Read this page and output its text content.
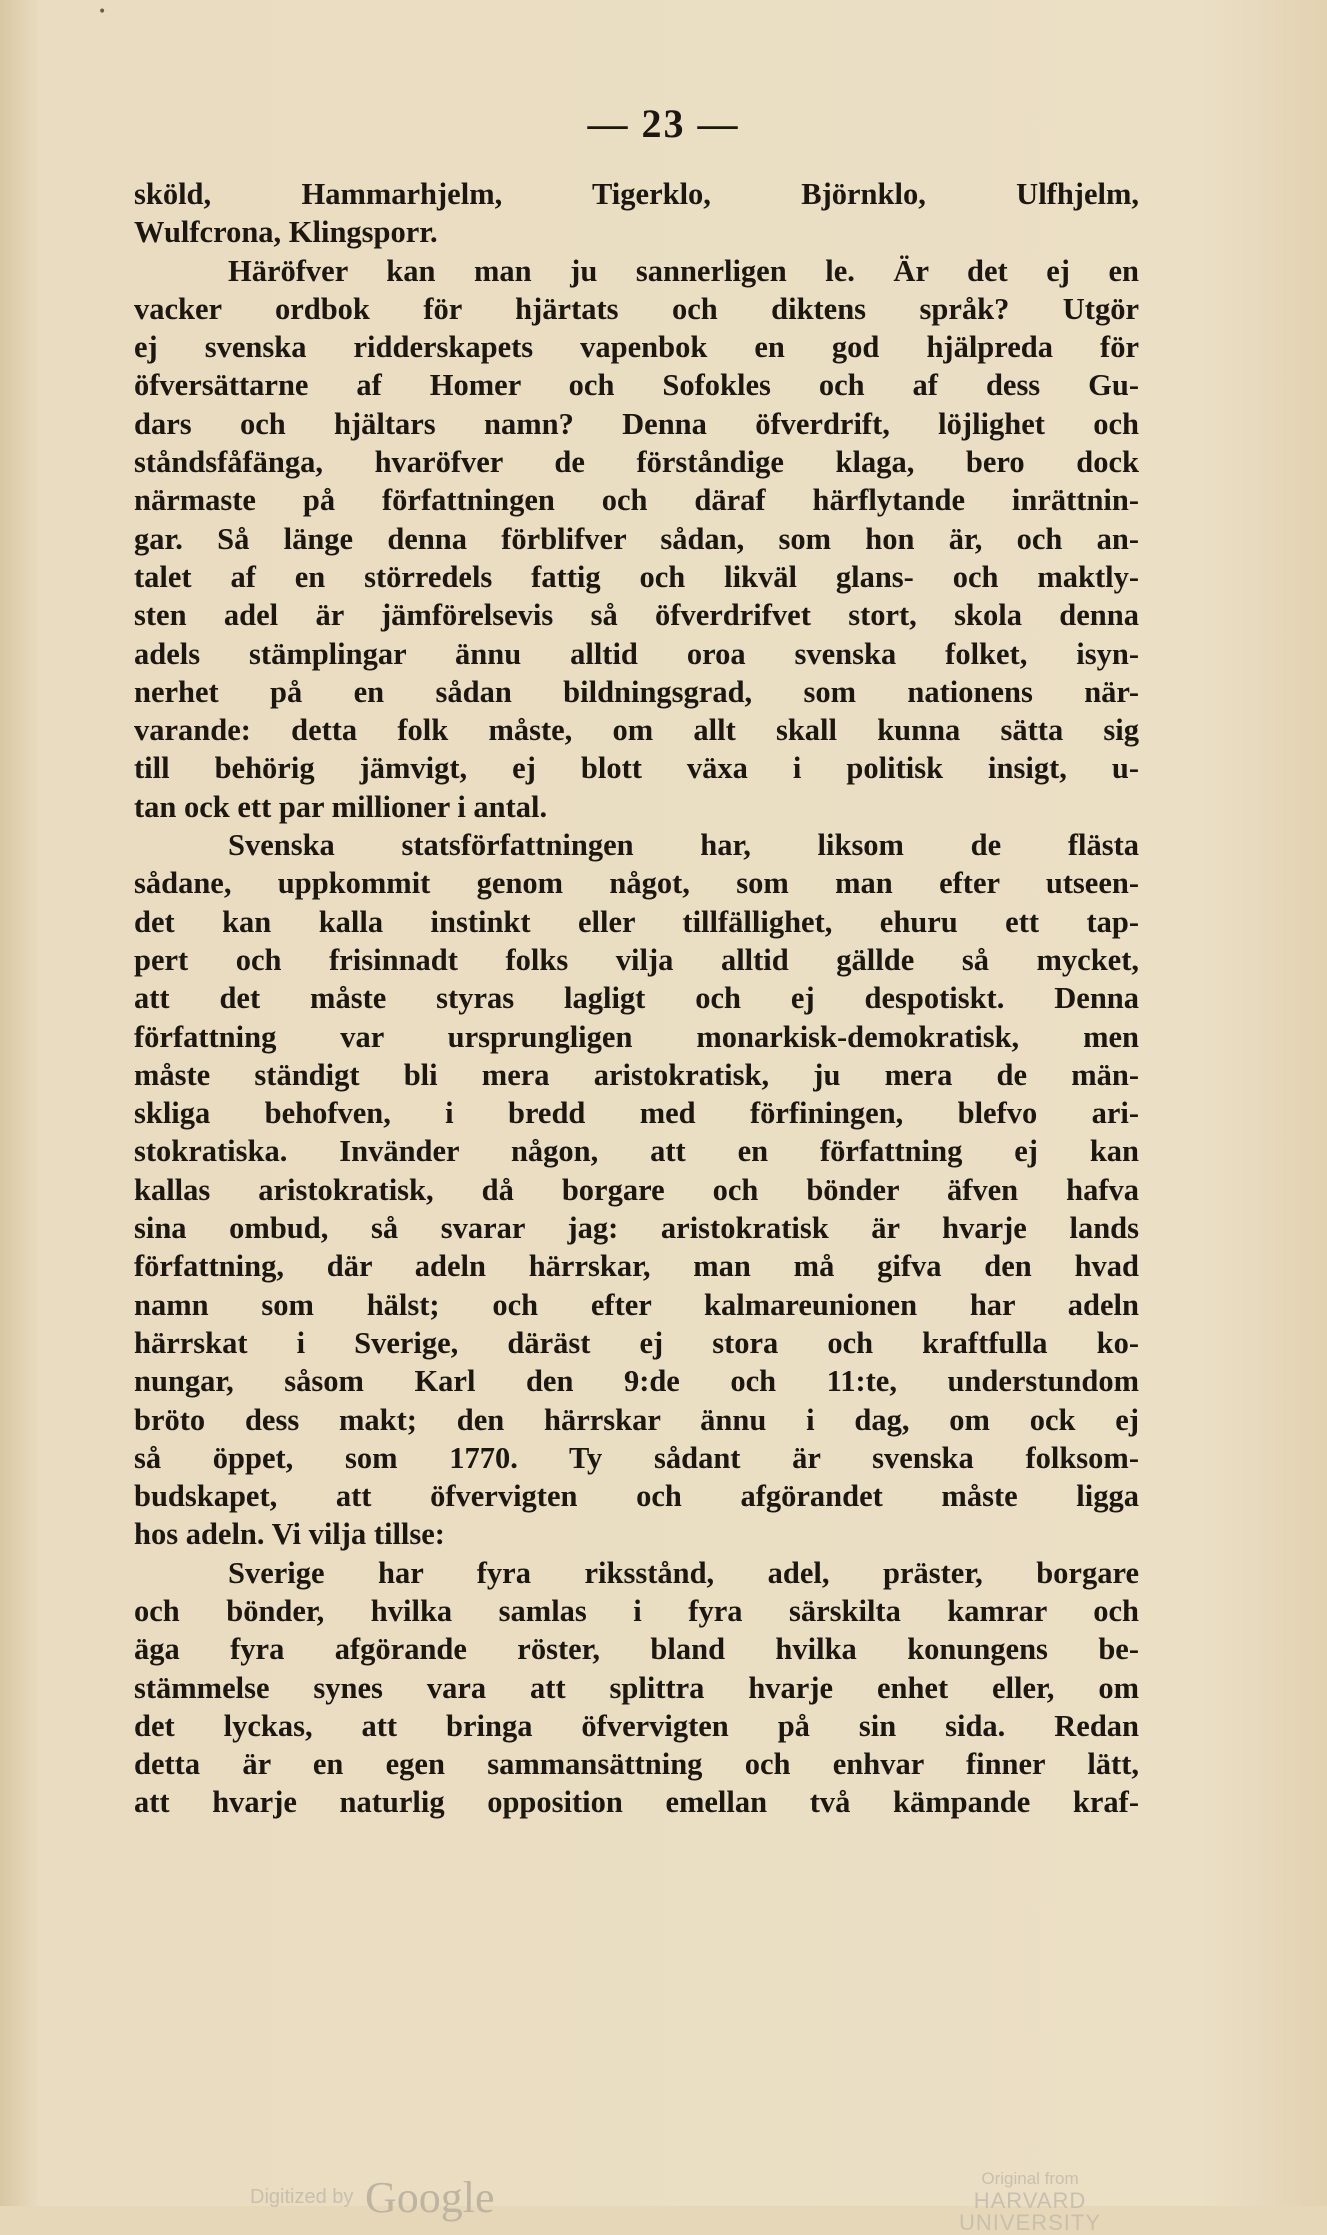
•
— 23 —
sköld, Hammarhjelm, Tigerklo, Björnklo, Ulfhjelm,
Wulfcrona, Klingsporr.
Häröfver kan man ju sannerligen le. Är det ej en
vacker ordbok för hjärtats och diktens språk? Utgör
ej svenska ridderskapets vapenbok en god hjälpreda för
öfversättarne af Homer och Sofokles och af dess Gu-
dars och hjältars namn? Denna öfverdrift, löjlighet och
ståndsfåfänga, hvaröfver de förståndige klaga, bero dock
närmaste på författningen och däraf härflytande inrättnin-
gar. Så länge denna förblifver sådan, som hon är, och an-
talet af en störredels fattig och likväl glans- och maktly-
sten adel är jämförelsevis så öfverdrifvet stort, skola denna
adels stämplingar ännu alltid oroa svenska folket, isyn-
nerhet på en sådan bildningsgrad, som nationens när-
varande: detta folk måste, om allt skall kunna sätta sig
till behörig jämvigt, ej blott växa i politisk insigt, u-
tan ock ett par millioner i antal.
Svenska statsförfattningen har, liksom de flästa
sådane, uppkommit genom något, som man efter utseen-
det kan kalla instinkt eller tillfällighet, ehuru ett tap-
pert och frisinnadt folks vilja alltid gällde så mycket,
att det måste styras lagligt och ej despotiskt. Denna
författning var ursprungligen monarkisk-demokratisk, men
måste ständigt bli mera aristokratisk, ju mera de män-
skliga behofven, i bredd med förfiningen, blefvo ari-
stokratiska. Invänder någon, att en författning ej kan
kallas aristokratisk, då borgare och bönder äfven hafva
sina ombud, så svarar jag: aristokratisk är hvarje lands
författning, där adeln härrskar, man må gifva den hvad
namn som hälst; och efter kalmareunionen har adeln
härrskat i Sverige, däräst ej stora och kraftfulla ko-
nungar, såsom Karl den 9:de och 11:te, understundom
bröto dess makt; den härrskar ännu i dag, om ock ej
så öppet, som 1770. Ty sådant är svenska folksom-
budskapet, att öfvervigten och afgörandet måste ligga
hos adeln. Vi vilja tillse:
Sverige har fyra riksstånd, adel, präster, borgare
och bönder, hvilka samlas i fyra särskilta kamrar och
äga fyra afgörande röster, bland hvilka konungens be-
stämmelse synes vara att splittra hvarje enhet eller, om
det lyckas, att bringa öfvervigten på sin sida. Redan
detta är en egen sammansättning och enhvar finner lätt,
att hvarje naturlig opposition emellan två kämpande kraf-
Digitized by Google	Original from
HARVARD UNIVERSITY
